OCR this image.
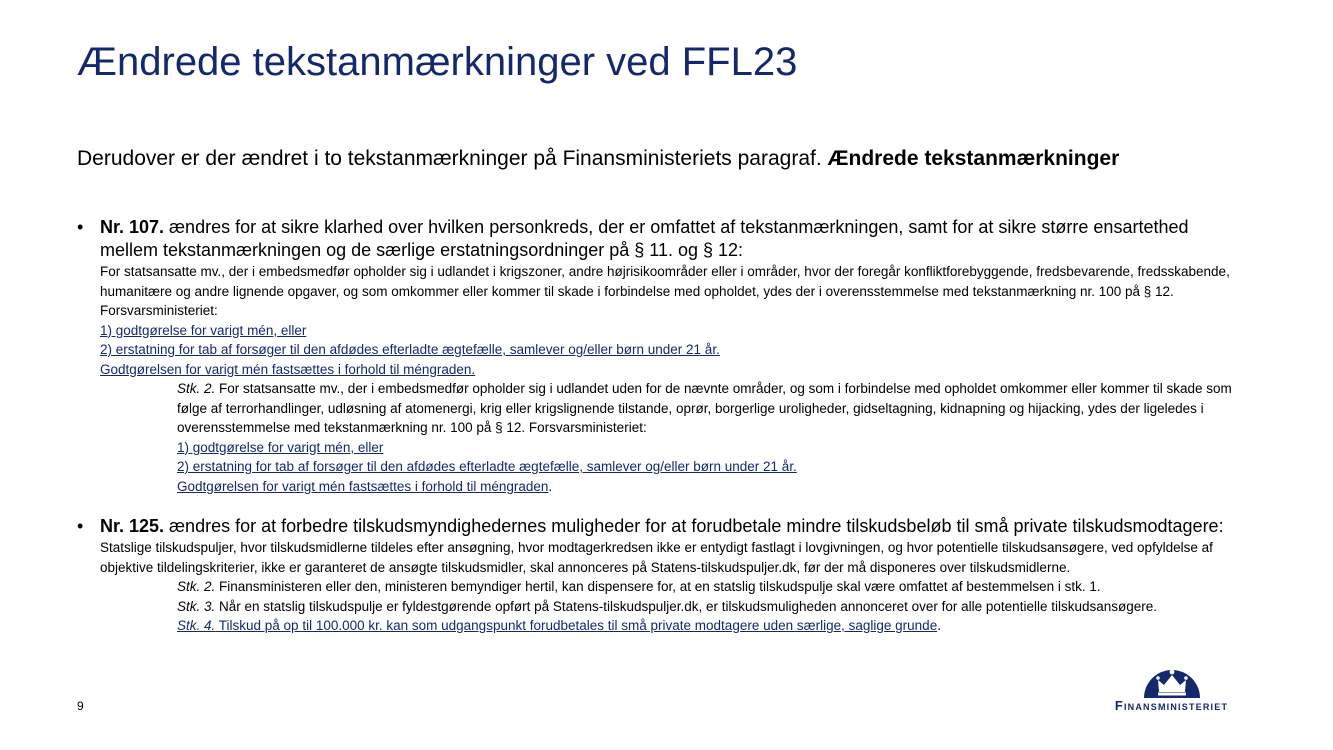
Ændrede tekstanmærkninger ved FFL23
Derudover er der ændret i to tekstanmærkninger på Finansministeriets paragraf. Ændrede tekstanmærkninger
• Nr. 107. ændres for at sikre klarhed over hvilken personkreds, der er omfattet af tekstanmærkningen, samt for at sikre større ensartethed mellem tekstanmærkningen og de særlige erstatningsordninger på § 11. og § 12:
For statsansatte mv., der i embedsmedfør opholder sig i udlandet i krigszoner, andre højrisikoområder eller i områder, hvor der foregår konfliktforebyggende, fredsbevarende, fredsskabende, humanitære og andre lignende opgaver, og som omkommer eller kommer til skade i forbindelse med opholdet, ydes der i overensstemmelse med tekstanmærkning nr. 100 på § 12. Forsvarsministeriet:
1) godtgørelse for varigt mén, eller
2) erstatning for tab af forsøger til den afdødes efterladte ægtefælle, samlever og/eller børn under 21 år.
Godtgørelsen for varigt mén fastsættes i forhold til méngraden.
Stk. 2. For statsansatte mv., der i embedsmedfør opholder sig i udlandet uden for de nævnte områder, og som i forbindelse med opholdet omkommer eller kommer til skade som følge af terrorhandlinger, udløsning af atomenergi, krig eller krigslignende tilstande, oprør, borgerlige uroligheder, gidseltagning, kidnapning og hijacking, ydes der ligeledes i overensstemmelse med tekstanmærkning nr. 100 på § 12. Forsvarsministeriet:
1) godtgørelse for varigt mén, eller
2) erstatning for tab af forsøger til den afdødes efterladte ægtefælle, samlever og/eller børn under 21 år.
Godtgørelsen for varigt mén fastsættes i forhold til méngraden.
• Nr. 125. ændres for at forbedre tilskudsmyndighedernes muligheder for at forudbetale mindre tilskudsbeløb til små private tilskudsmodtagere:
Statslige tilskudspuljer, hvor tilskudsmidlerne tildeles efter ansøgning, hvor modtagerkredsen ikke er entydigt fastlagt i lovgivningen, og hvor potentielle tilskudsansøgere, ved opfyldelse af objektive tildelingskriterier, ikke er garanteret de ansøgte tilskudsmidler, skal annonceres på Statens-tilskudspuljer.dk, før der må disponeres over tilskudsmidlerne.
Stk. 2. Finansministeren eller den, ministeren bemyndiger hertil, kan dispensere for, at en statslig tilskudspulje skal være omfattet af bestemmelsen i stk. 1.
Stk. 3. Når en statslig tilskudspulje er fyldestgørende opført på Statens-tilskudspuljer.dk, er tilskudsmuligheden annonceret over for alle potentielle tilskudsansøgere.
Stk. 4. Tilskud på op til 100.000 kr. kan som udgangspunkt forudbetales til små private modtagere uden særlige, saglige grunde.
9	Finansministeriet
